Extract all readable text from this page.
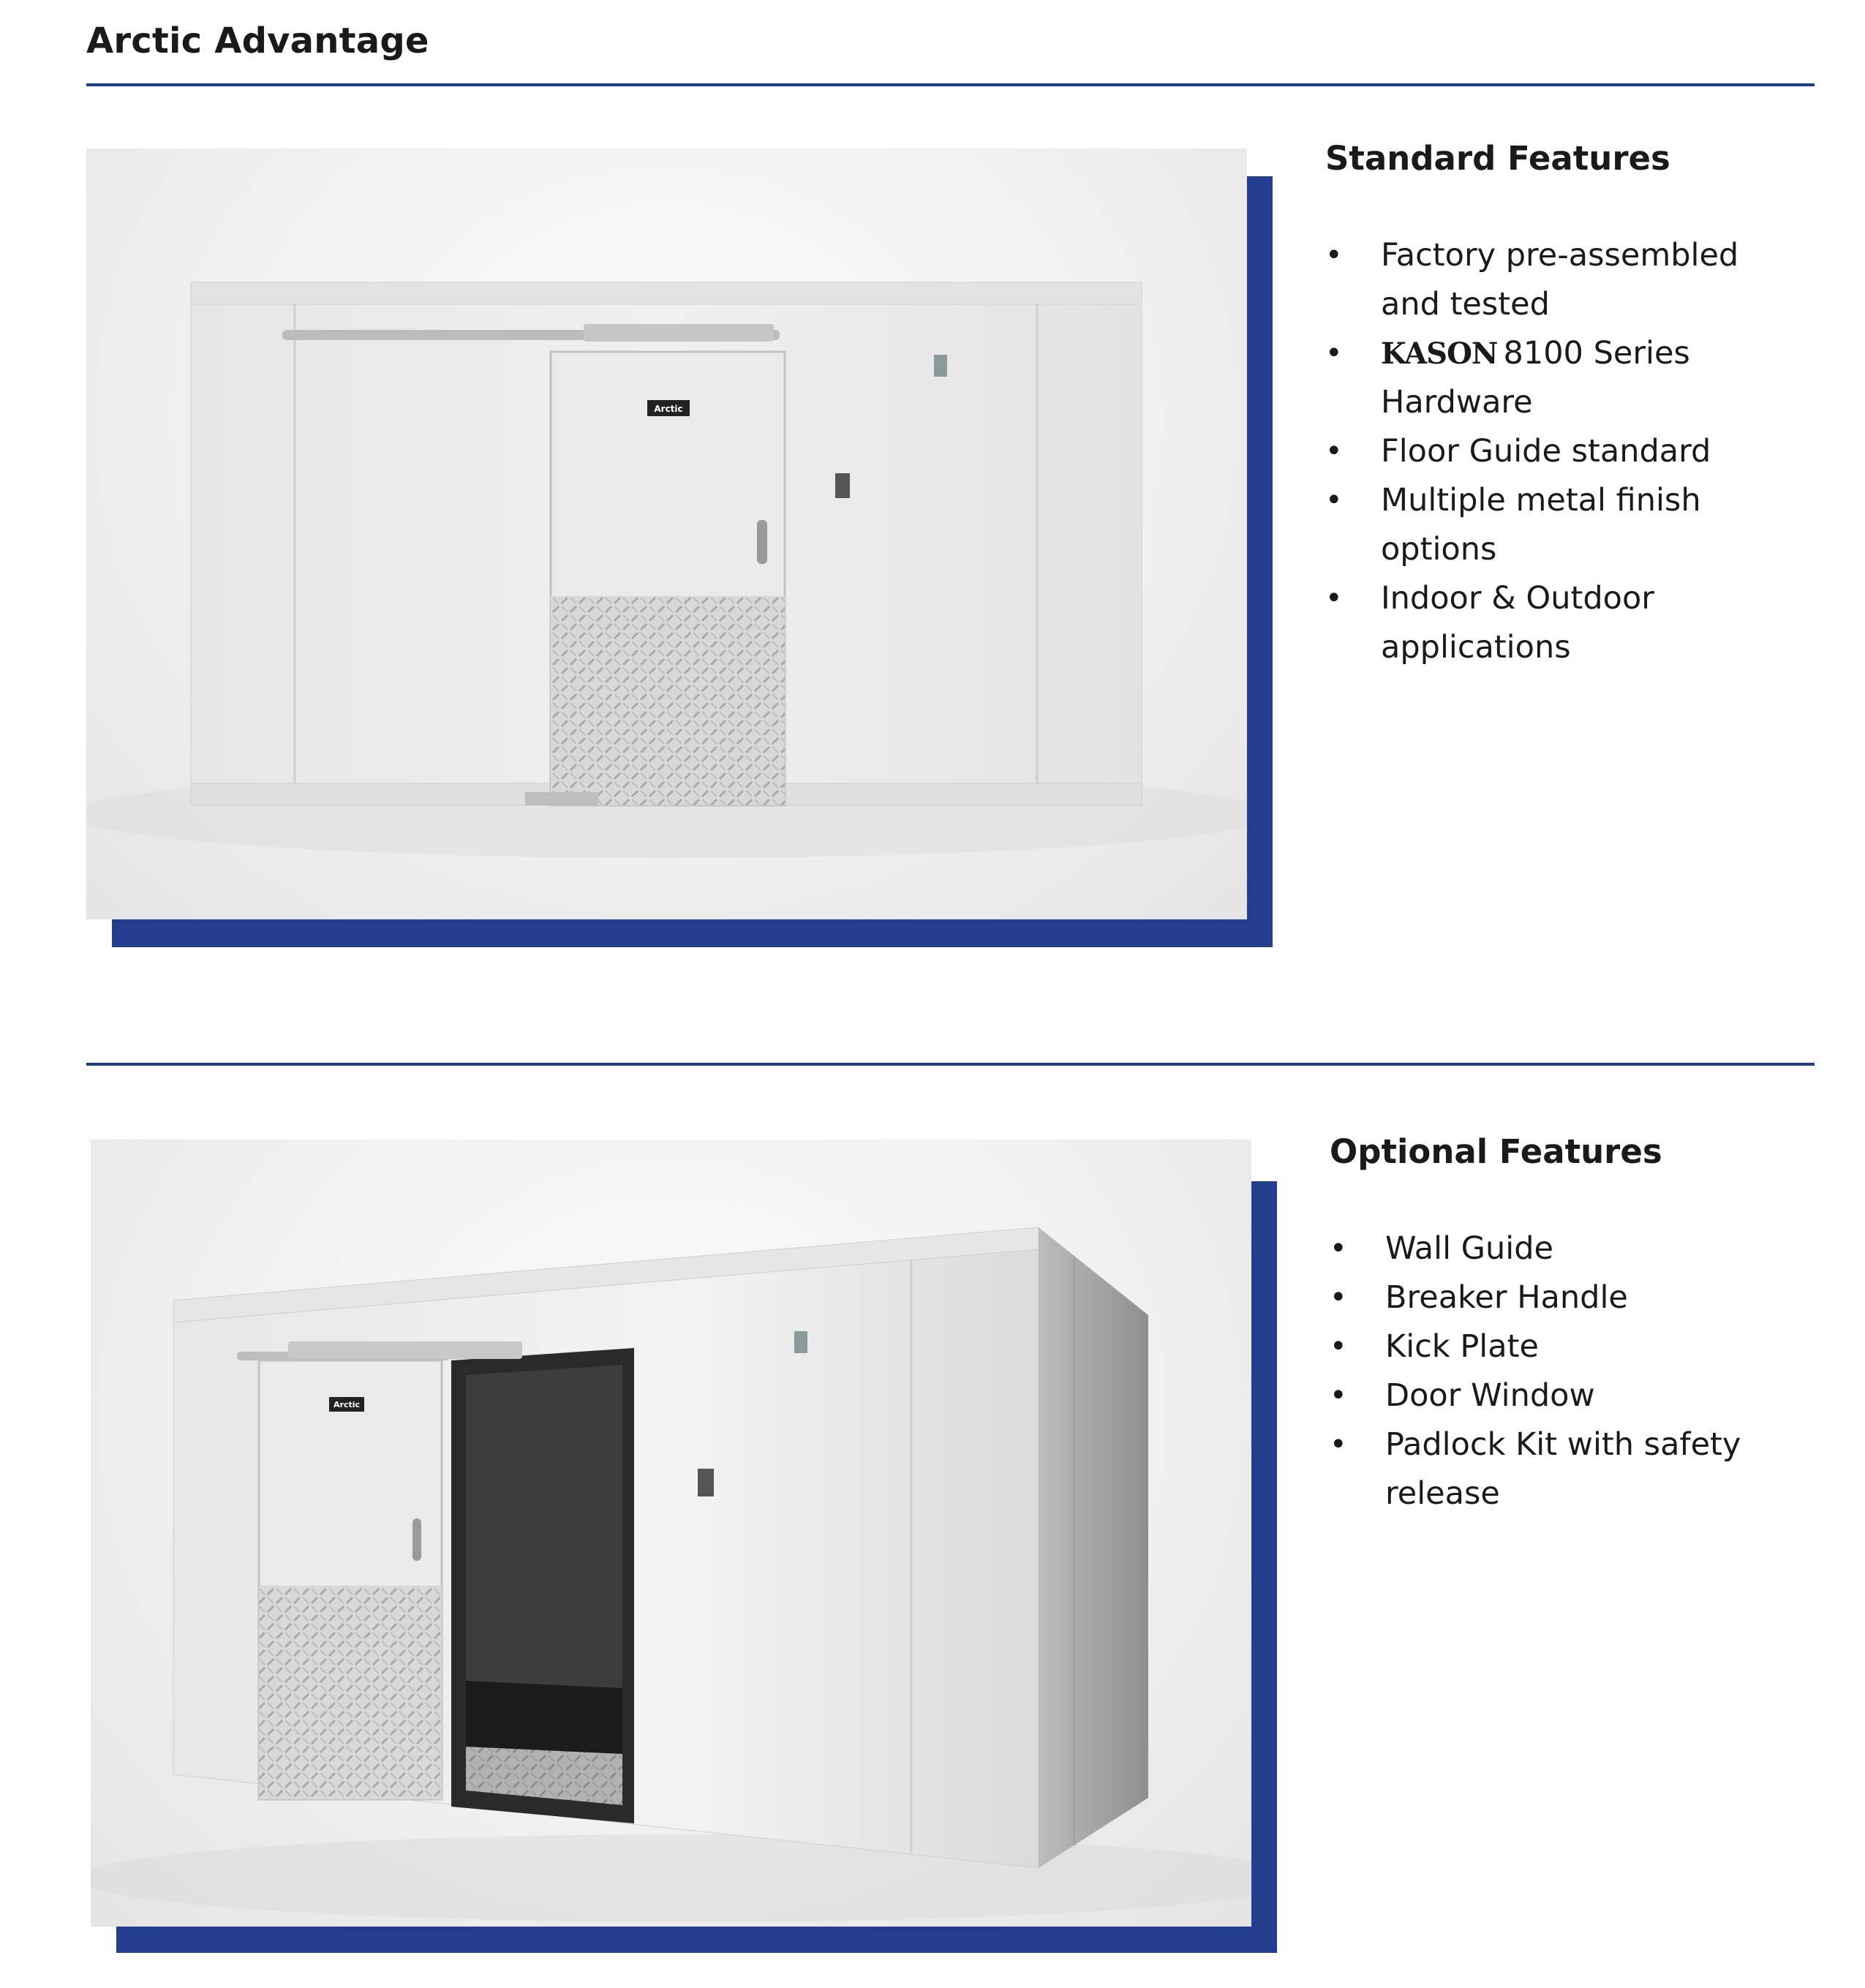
Arctic Advantage
Arctic
Standard Features
• Factory pre-assembled and tested
• KASON 8100 Series Hardware
• Floor Guide standard
• Multiple metal finish options
• Indoor & Outdoor applications
Arctic
Optional Features
• Wall Guide
• Breaker Handle
• Kick Plate
• Door Window
• Padlock Kit with safety release
